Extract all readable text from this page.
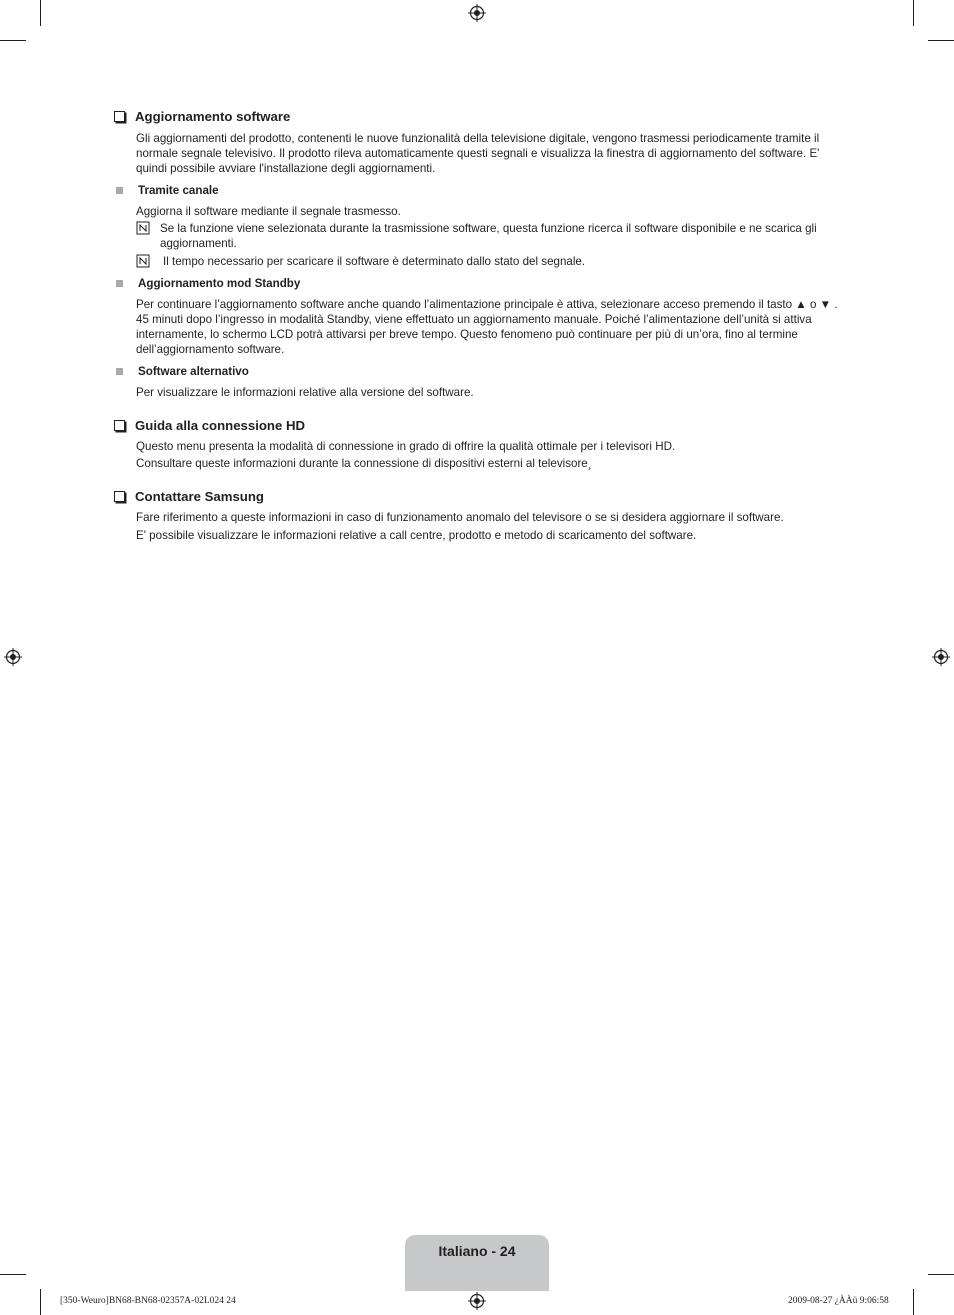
Aggiornamento software
Gli aggiornamenti del prodotto, contenenti le nuove funzionalità della televisione digitale, vengono trasmessi periodicamente tramite il normale segnale televisivo. Il prodotto rileva automaticamente questi segnali e visualizza la finestra di aggiornamento del software. E' quindi possibile avviare l'installazione degli aggiornamenti.
Tramite canale
Aggiorna il software mediante il segnale trasmesso.
Se la funzione viene selezionata durante la trasmissione software, questa funzione ricerca il software disponibile e ne scarica gli aggiornamenti.
Il tempo necessario per scaricare il software è determinato dallo stato del segnale.
Aggiornamento mod Standby
Per continuare l’aggiornamento software anche quando l’alimentazione principale è attiva, selezionare acceso premendo il tasto ▲ o ▼ . 45 minuti dopo l’ingresso in modalità Standby, viene effettuato un aggiornamento manuale. Poiché l’alimentazione dell’unità si attiva internamente, lo schermo LCD potrà attivarsi per breve tempo. Questo fenomeno può continuare per più di un’ora, fino al termine dell’aggiornamento software.
Software alternativo
Per visualizzare le informazioni relative alla versione del software.
Guida alla connessione HD
Questo menu presenta la modalità di connessione in grado di offrire la qualità ottimale per i televisori HD.
Consultare queste informazioni durante la connessione di dispositivi esterni al televisore¸
Contattare Samsung
Fare riferimento a queste informazioni in caso di funzionamento anomalo del televisore o se si desidera aggiornare il software.
E' possibile visualizzare le informazioni relative a call centre, prodotto e metodo di scaricamento del software.
Italiano - 24
[350-Weuro]BN68-BN68-02357A-02L024 24	2009-08-27 ¿ÀÀü 9:06:58
